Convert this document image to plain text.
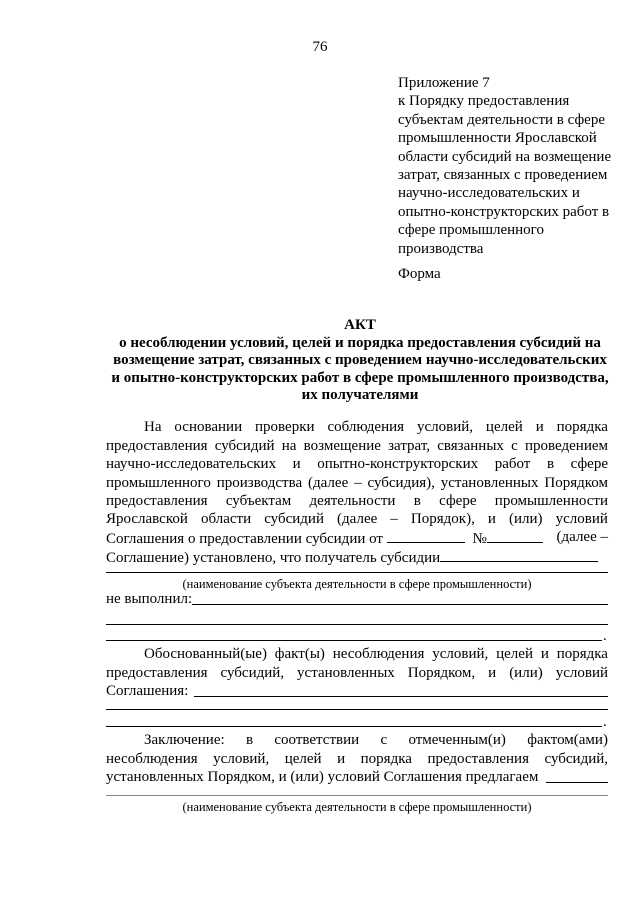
76
Приложение 7
к Порядку предоставления
субъектам деятельности в сфере
промышленности Ярославской
области субсидий на возмещение
затрат, связанных с проведением
научно-исследовательских и
опытно-конструкторских работ в
сфере промышленного
производства
Форма
АКТ
о несоблюдении условий, целей и порядка предоставления субсидий на
возмещение затрат, связанных с проведением научно-исследовательских
и опытно-конструкторских работ в сфере промышленного производства,
их получателями
На основании проверки соблюдения условий, целей и порядка
предоставления субсидий на возмещение затрат, связанных с проведением
научно-исследовательских и опытно-конструкторских работ в сфере
промышленного производства (далее – субсидия), установленных Порядком
предоставления субъектам деятельности в сфере промышленности
Ярославской области субсидий (далее – Порядок), и (или) условий
Соглашения о предоставлении субсидии от	№	(далее –
Соглашение) установлено, что получатель субсидии
(наименование субъекта деятельности в сфере промышленности)
не выполнил:
.
Обоснованный(ые) факт(ы) несоблюдения условий, целей и порядка
предоставления субсидий, установленных Порядком, и (или) условий
Соглашения:
.
Заключение: в соответствии с отмеченным(и) фактом(ами)
несоблюдения условий, целей и порядка предоставления субсидий,
установленных Порядком, и (или) условий Соглашения предлагаем
(наименование субъекта деятельности в сфере промышленности)
